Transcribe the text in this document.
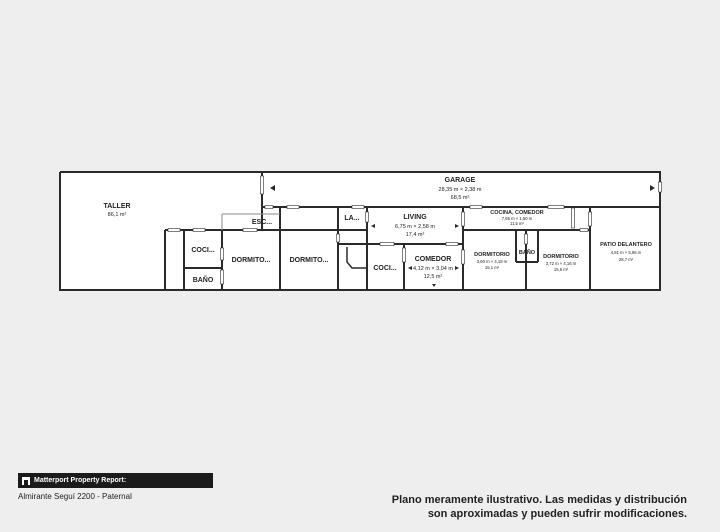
TALLER
86,1 m²
GARAGE
28,35 m × 2,38 m
68,5 m²
ESC...
LA...	LIVING
6,75 m × 2,58 m
17,4 m²
COCINA, COMEDOR
7,65 m × 1,50 m
11,5 m²
COCI...
BAÑO
DORMITO...	DORMITO...
COCI...
COMEDOR
4,12 m × 3,04 m
12,5 m²
DORMITORIO
3,60 m × 4,18 m
15,1 m²
BAÑO
DORMITORIO
3,72 m × 4,16 m
15,6 m²
PATIO DELANTERO
4,81 m × 5,96 m
28,7 m²
Matterport Property Report:
Almirante Seguí 2200 - Paternal	Plano meramente ilustrativo. Las medidas y distribución
son aproximadas y pueden sufrir modificaciones.
